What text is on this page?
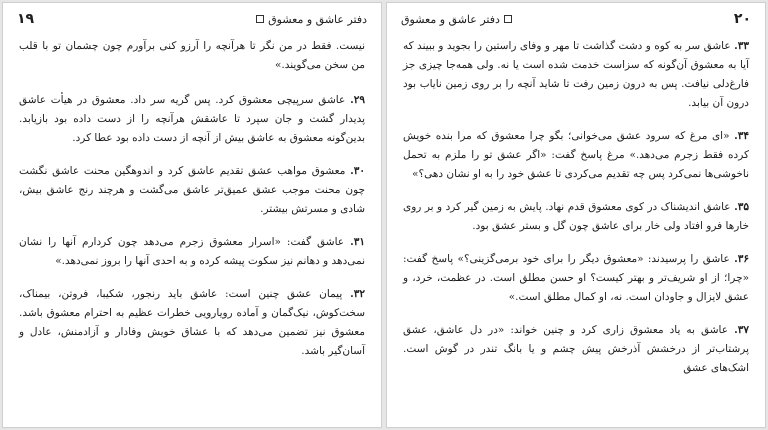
۱۹	دفتر عاشق و معشوق

نیست. فقط در من نگر تا هرآنچه را آرزو کنی برآورم چون چشمان تو با قلب من سخن می‌گویند.»

۲۹. عاشق سرپیچی معشوق کرد. پس گریه سر داد. معشوق در هیأت عاشق پدیدار گشت و جان سپرد تا عاشقش هرآنچه را از دست داده بود بازیابد. بدین‌گونه معشوق به عاشق بیش از آنچه از دست داده بود عطا کرد.

۳۰. معشوق مواهب عشق تقدیم عاشق کرد و اندوهگین محنت عاشق نگشت چون محنت موجب عشق عمیق‌تر عاشق می‌گشت و هرچند رنج عاشق بیش، شادی و مسرتش بیشتر.

۳۱. عاشق گفت: «اسرار معشوق زجرم می‌دهد چون کردارم آنها را نشان نمی‌دهد و دهانم نیز سکوت پیشه کرده و به احدی آنها را بروز نمی‌دهد.»

۳۲. پیمان عشق چنین است: عاشق باید رنجور، شکیبا، فروتن، بیمناک، سخت‌کوش، نیک‌گمان و آماده رویارویی خطرات عظیم به احترام معشوق باشد. معشوق نیز تضمین می‌دهد که با عشاق خویش وفادار و آزادمنش، عادل و آسان‌گیر باشد.

دفتر عاشق و معشوق	۲۰

۳۳. عاشق سر به کوه و دشت گذاشت تا مهر و وفای راستین را بجوید و ببیند که آیا به معشوق آن‌گونه که سزاست خدمت شده است یا نه. ولی همه‌جا چیزی جز فارغ‌دلی نیافت. پس به درون زمین رفت تا شاید آنچه را بر روی زمین نایاب بود درون آن بیابد.

۳۴. «ای مرغ که سرود عشق می‌خوانی؛ بگو چرا معشوق که مرا بنده خویش کرده فقط زجرم می‌دهد.» مرغ پاسخ گفت: «اگر عشق تو را ملزم به تحمل ناخوشی‌ها نمی‌کرد پس چه تقدیم می‌کردی تا عشق خود را به او نشان دهی؟»

۳۵. عاشق اندیشناک در کوی معشوق قدم نهاد. پایش به زمین گیر کرد و بر روی خارها فرو افتاد ولی خار برای عاشق چون گل و بستر عشق بود.

۳۶. عاشق را پرسیدند: «معشوق دیگر را برای خود برمی‌گزینی؟» پاسخ گفت: «چرا؛ از او شریف‌تر و بهتر کیست؟ او حسن مطلق است. در عظمت، خرد، و عشق لایزال و جاودان است. نه، او کمال مطلق است.»

۳۷. عاشق به یاد معشوق زاری کرد و چنین خواند: «در دل عاشق، عشق پرشتاب‌تر از درخشش آذرخش پیش چشم و یا بانگ تندر در گوش است. اشک‌های عشق
